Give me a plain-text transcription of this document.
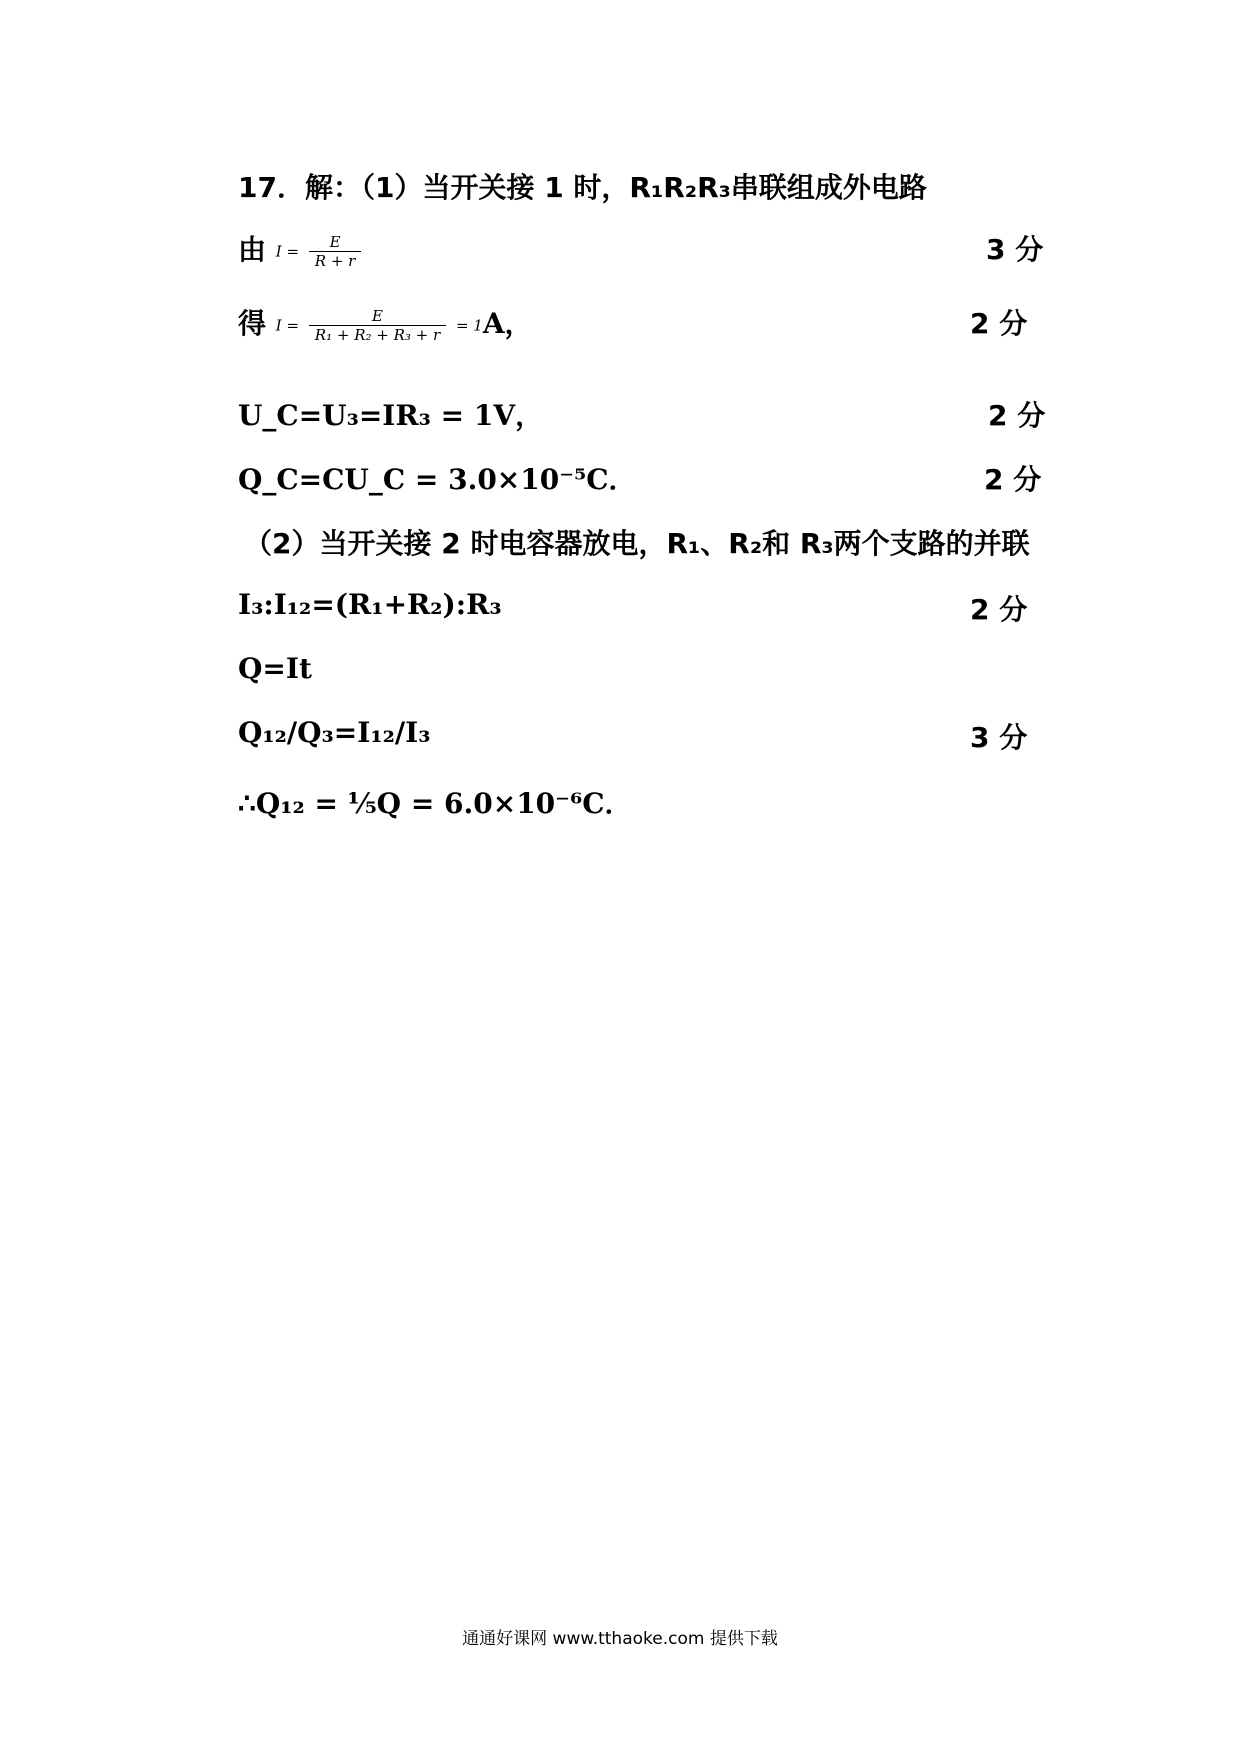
17．解：（1）当开关接 1 时，R₁R₂R₃串联组成外电路
由 $I = \frac{E}{R + r}$	3 分
得 $I = \frac{E}{\text{R₁ + R₂ + R₃ + r}} = 1A$，	2 分
U_C=U₃=IR₃ = 1V，	2 分
Q_C=CU_C = 3.0×10⁻⁵C．	2 分
（2）当开关接 2 时电容器放电，R₁、R₂和 R₃两个支路的并联
I₃:I₁₂=(R₁+R₂):R₃	2 分
Q=It
Q₁₂/Q₃=I₁₂/I₃	3 分
∴Q₁₂ = ⅕Q = 6.0×10⁻⁶C．
通通好课网 www.tthaoke.com 提供下载
